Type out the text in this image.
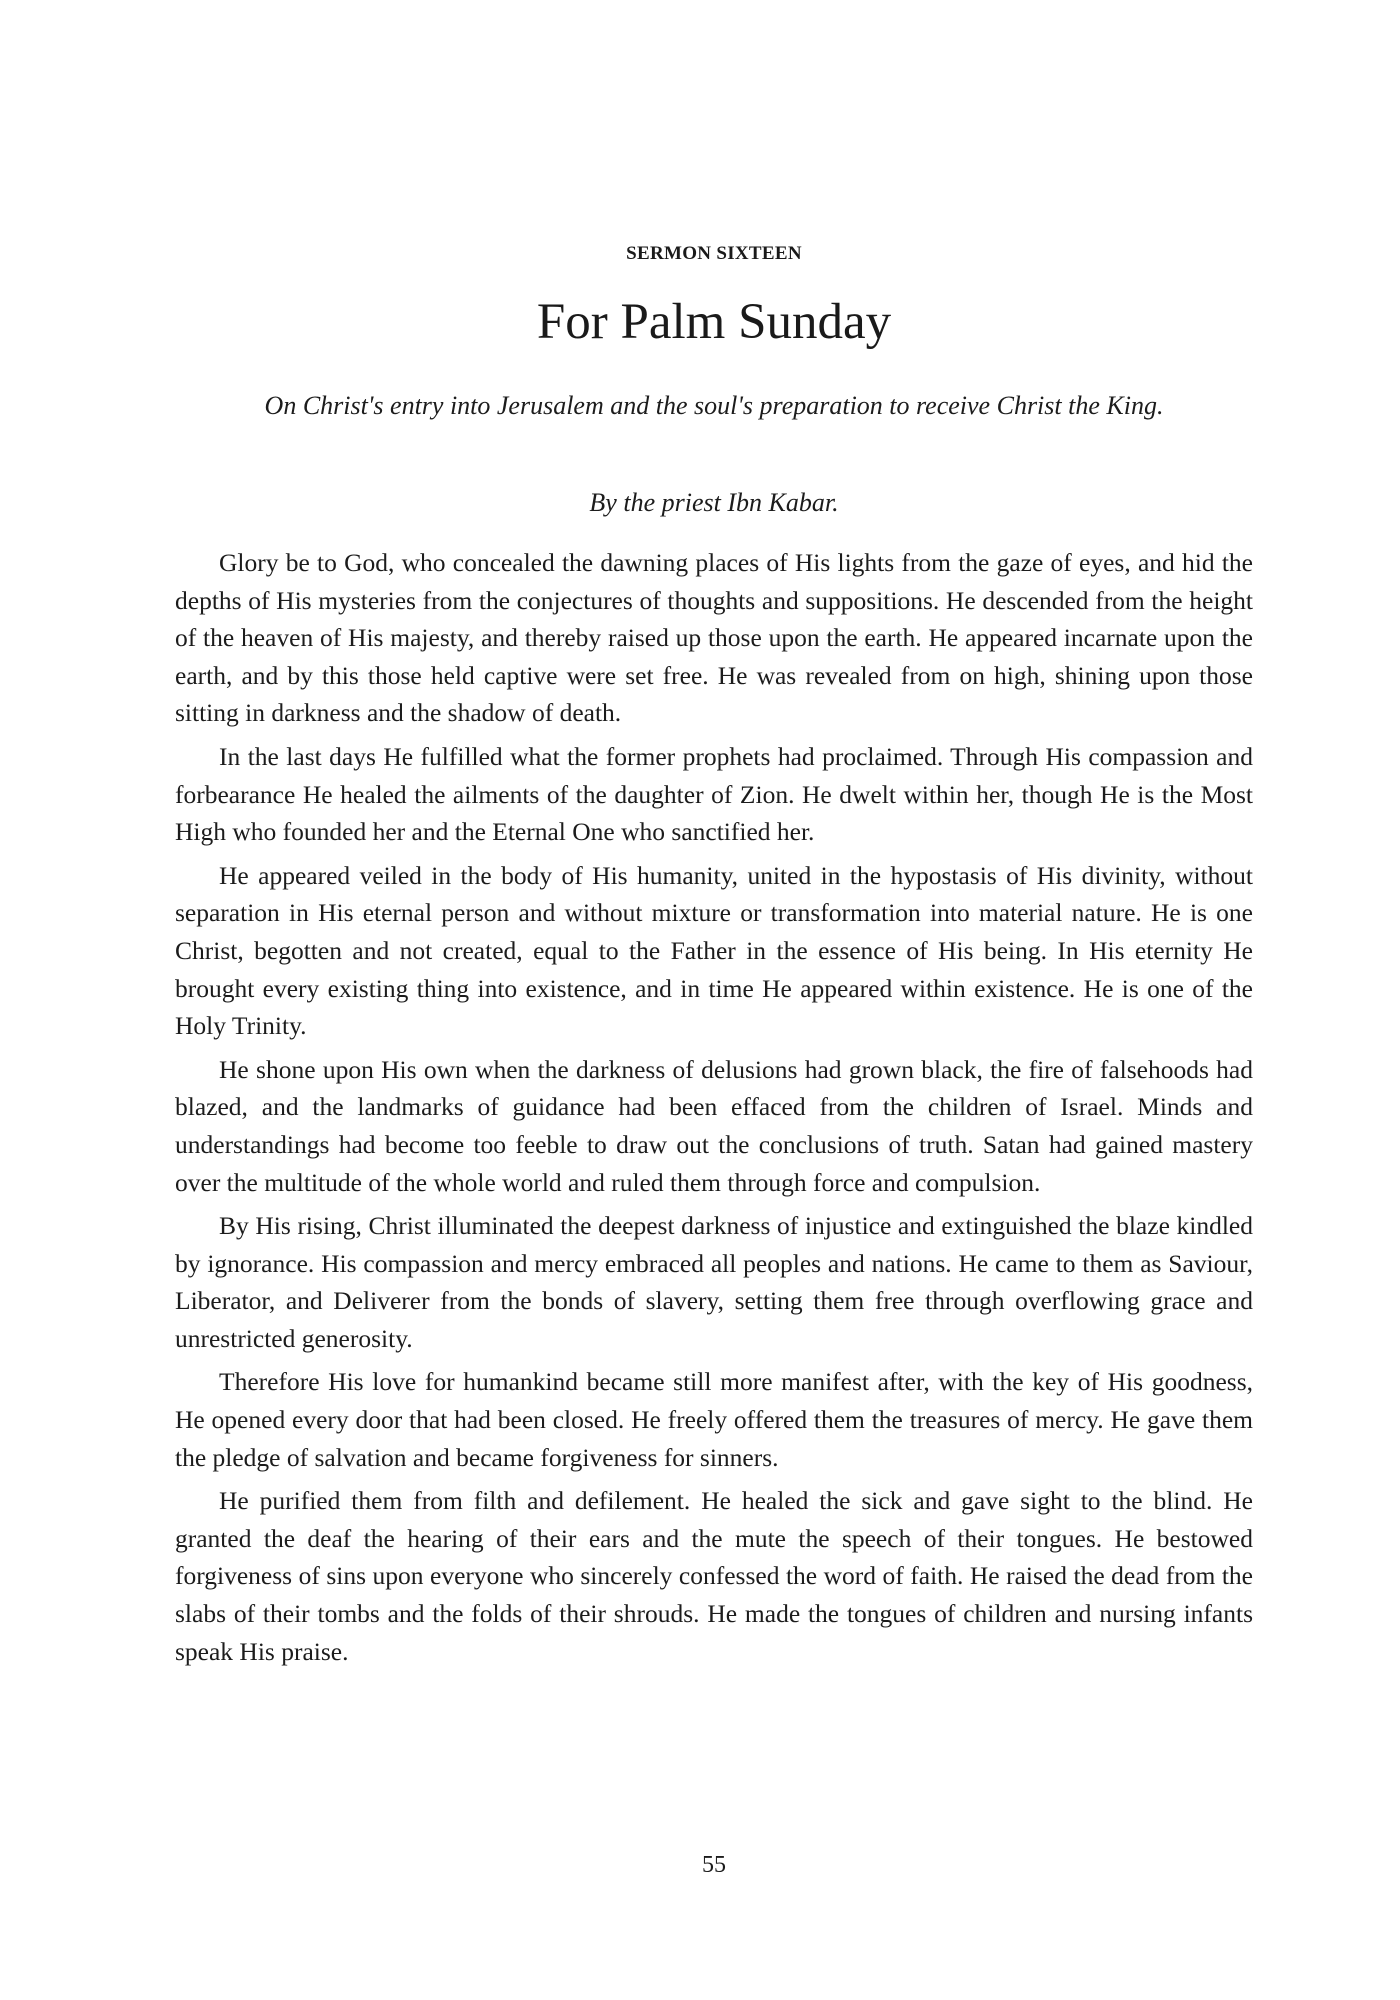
SERMON SIXTEEN
For Palm Sunday

On Christ's entry into Jerusalem and the soul's preparation to receive Christ the King.

By the priest Ibn Kabar.

Glory be to God, who concealed the dawning places of His lights from the gaze of eyes, and hid the depths of His mysteries from the conjectures of thoughts and suppositions. He descended from the height of the heaven of His majesty, and thereby raised up those upon the earth. He appeared incarnate upon the earth, and by this those held captive were set free. He was revealed from on high, shining upon those sitting in darkness and the shadow of death.

In the last days He fulfilled what the former prophets had proclaimed. Through His compassion and forbearance He healed the ailments of the daughter of Zion. He dwelt within her, though He is the Most High who founded her and the Eternal One who sanctified her.

He appeared veiled in the body of His humanity, united in the hypostasis of His divinity, without separation in His eternal person and without mixture or transformation into material nature. He is one Christ, begotten and not created, equal to the Father in the essence of His being. In His eternity He brought every existing thing into existence, and in time He appeared within existence. He is one of the Holy Trinity.

He shone upon His own when the darkness of delusions had grown black, the fire of falsehoods had blazed, and the landmarks of guidance had been effaced from the children of Israel. Minds and understandings had become too feeble to draw out the conclusions of truth. Satan had gained mastery over the multitude of the whole world and ruled them through force and compulsion.

By His rising, Christ illuminated the deepest darkness of injustice and extinguished the blaze kindled by ignorance. His compassion and mercy embraced all peoples and nations. He came to them as Saviour, Liberator, and Deliverer from the bonds of slavery, setting them free through overflowing grace and unrestricted generosity.

Therefore His love for humankind became still more manifest after, with the key of His goodness, He opened every door that had been closed. He freely offered them the treasures of mercy. He gave them the pledge of salvation and became forgiveness for sinners.

He purified them from filth and defilement. He healed the sick and gave sight to the blind. He granted the deaf the hearing of their ears and the mute the speech of their tongues. He bestowed forgiveness of sins upon everyone who sincerely confessed the word of faith. He raised the dead from the slabs of their tombs and the folds of their shrouds. He made the tongues of children and nursing infants speak His praise.

55
